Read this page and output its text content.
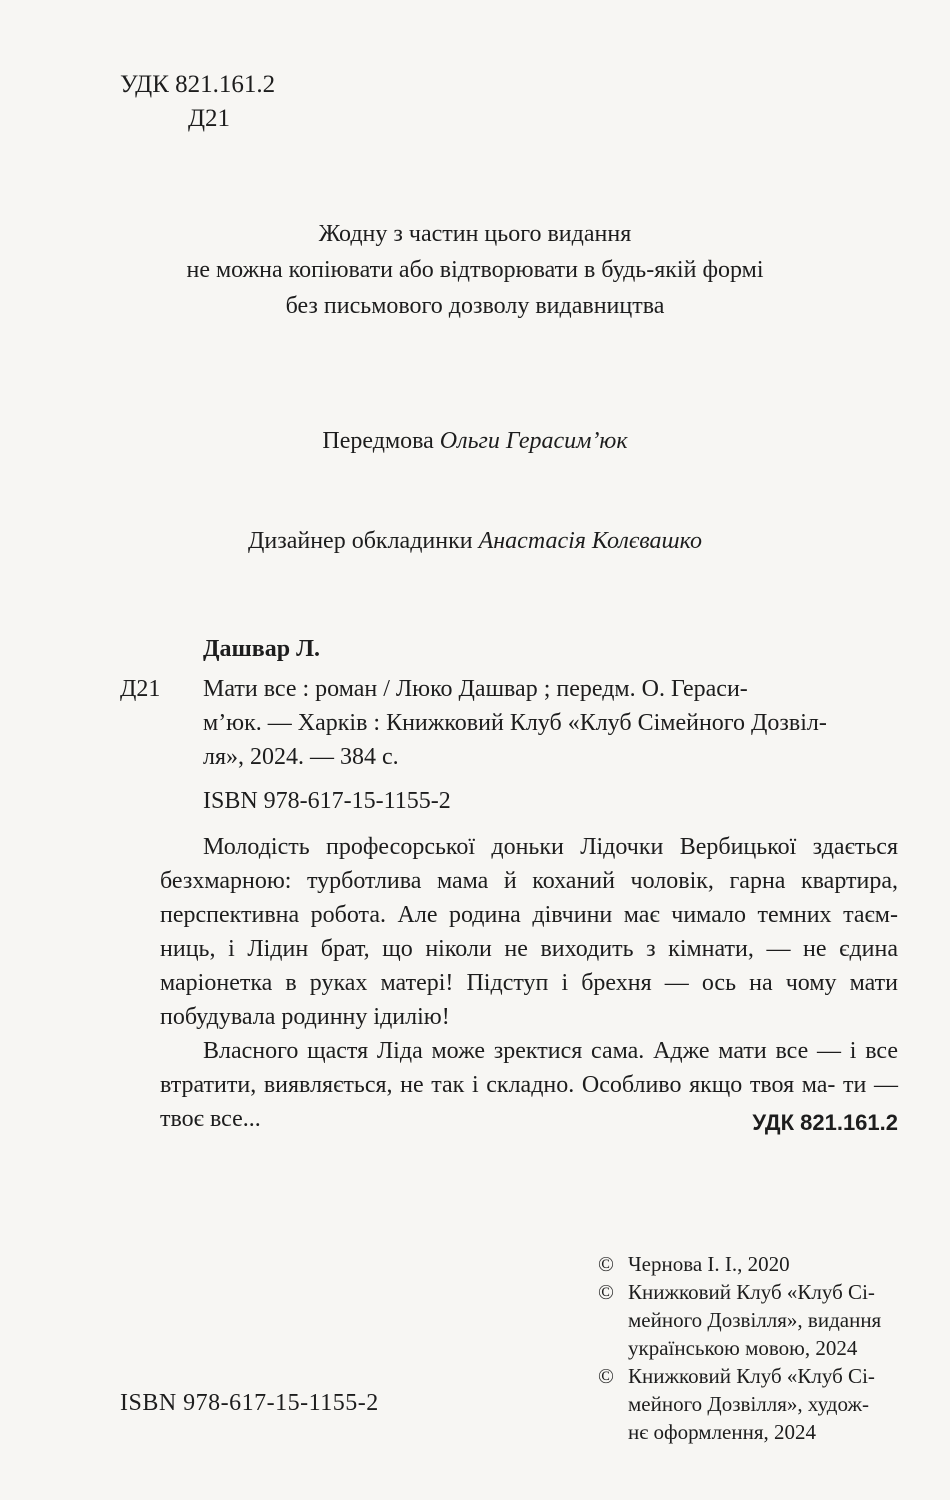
УДК 821.161.2
Д21
Жодну з частин цього видання
не можна копіювати або відтворювати в будь-якій формі
без письмового дозволу видавництва
Передмова Ольги Герасим’юк
Дизайнер обкладинки Анастасія Колєвашко
Дашвар Л.
Д21 Мати все : роман / Люко Дашвар ; передм. О. Гераси-
м’юк. — Харків : Книжковий Клуб «Клуб Сімейного Дозвіл-
ля», 2024. — 384 с.
ISBN 978-617-15-1155-2

Молодість професорської доньки Лідочки Вербицької здається безхмарною: турботлива мама й коханий чоловік, гарна квартира, перспективна робота. Але родина дівчини має чимало темних таєм- ниць, і Лідин брат, що ніколи не виходить з кімнати, — не єдина маріонетка в руках матері! Підступ і брехня — ось на чому мати побудувала родинну ідилію!

Власного щастя Ліда може зректися сама. Адже мати все — і все втратити, виявляється, не так і складно. Особливо якщо твоя ма- ти — твоє все...	УДК 821.161.2
© Чернова І. І., 2020
© Книжковий Клуб «Клуб Сі-
мейного Дозвілля», видання
українською мовою, 2024
© Книжковий Клуб «Клуб Сі-
мейного Дозвілля», худож-
нє оформлення, 2024
ISBN 978-617-15-1155-2
